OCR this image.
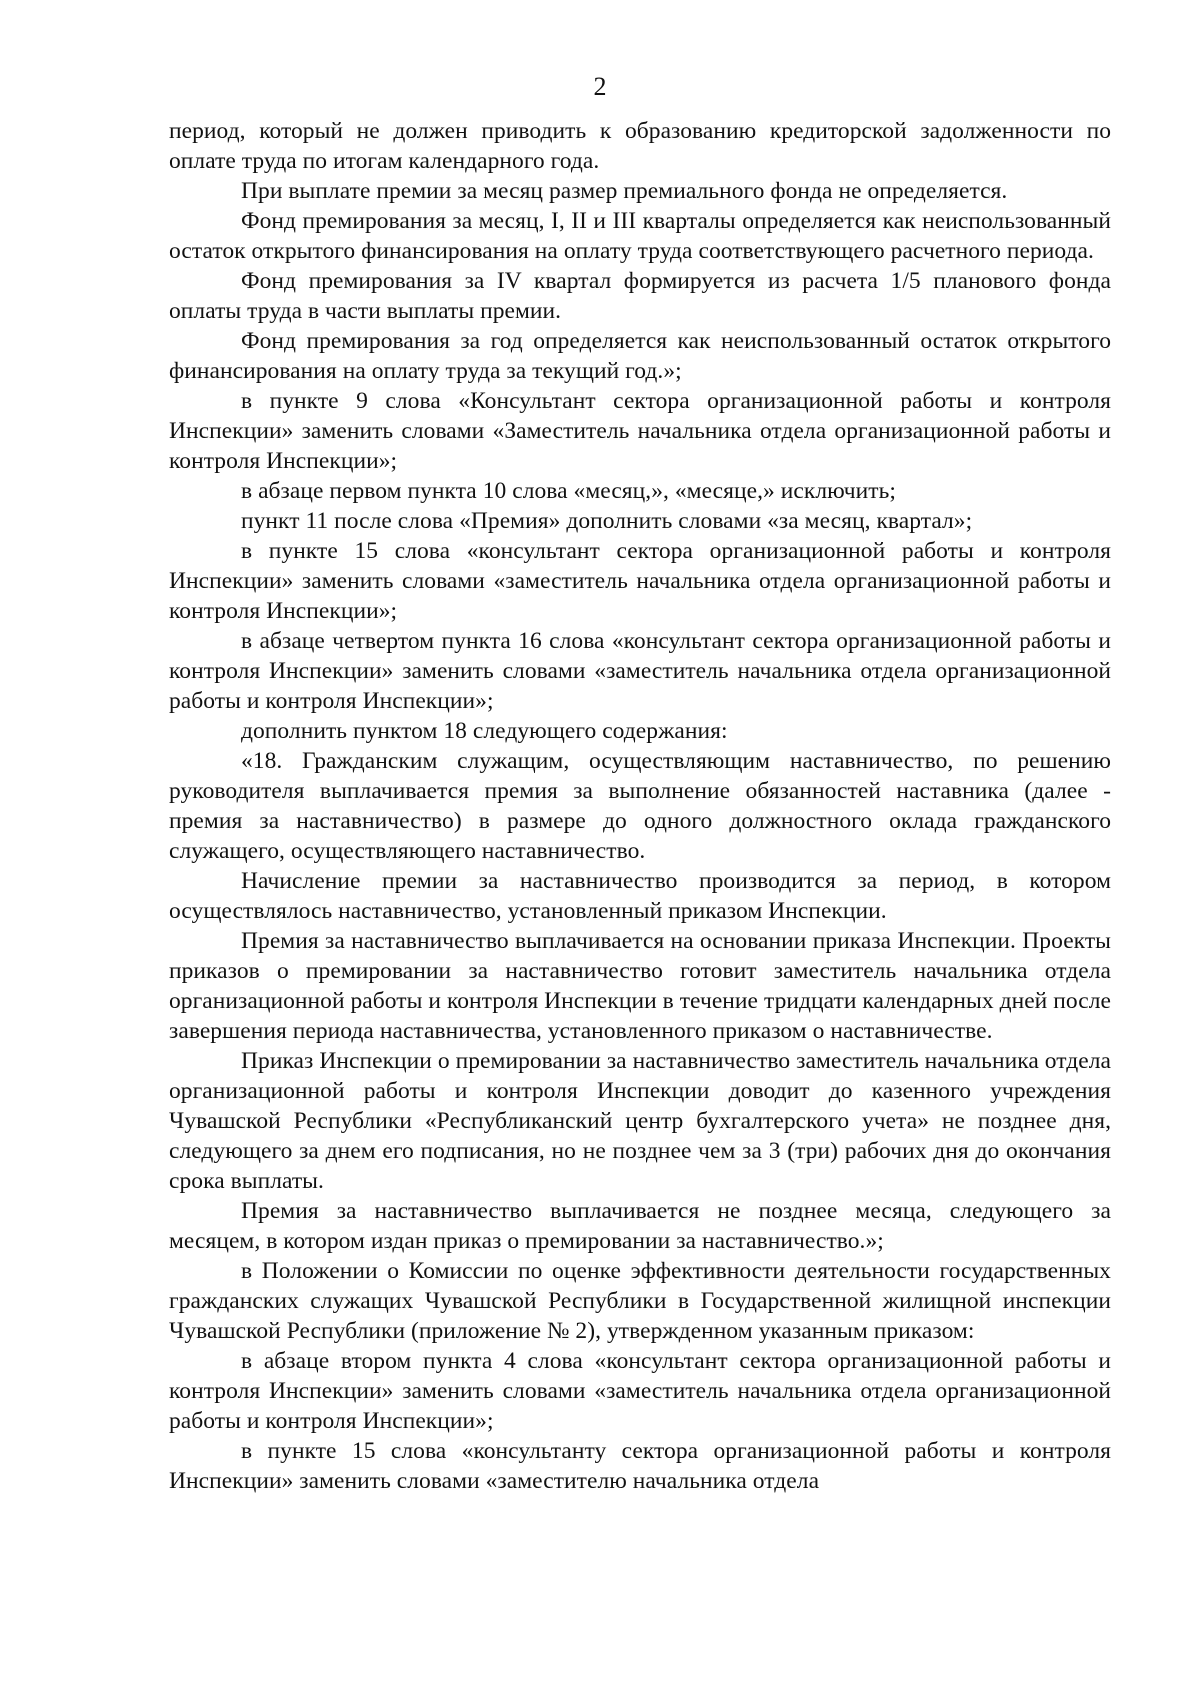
2

период, который не должен приводить к образованию кредиторской задолженности по оплате труда по итогам календарного года.

При выплате премии за месяц размер премиального фонда не определяется.

Фонд премирования за месяц, I, II и III кварталы определяется как неиспользованный остаток открытого финансирования на оплату труда соответствующего расчетного периода.

Фонд премирования за IV квартал формируется из расчета 1/5 планового фонда оплаты труда в части выплаты премии.

Фонд премирования за год определяется как неиспользованный остаток открытого финансирования на оплату труда за текущий год.»;

в пункте 9 слова «Консультант сектора организационной работы и контроля Инспекции» заменить словами «Заместитель начальника отдела организационной работы и контроля Инспекции»;

в абзаце первом пункта 10 слова «месяц,», «месяце,» исключить;

пункт 11 после слова «Премия» дополнить словами «за месяц, квартал»;

в пункте 15 слова «консультант сектора организационной работы и контроля Инспекции» заменить словами «заместитель начальника отдела организационной работы и контроля Инспекции»;

в абзаце четвертом пункта 16 слова «консультант сектора организационной работы и контроля Инспекции» заменить словами «заместитель начальника отдела организационной работы и контроля Инспекции»;

дополнить пунктом 18 следующего содержания:

«18. Гражданским служащим, осуществляющим наставничество, по решению руководителя выплачивается премия за выполнение обязанностей наставника (далее - премия за наставничество) в размере до одного должностного оклада гражданского служащего, осуществляющего наставничество.

Начисление премии за наставничество производится за период, в котором осуществлялось наставничество, установленный приказом Инспекции.

Премия за наставничество выплачивается на основании приказа Инспекции. Проекты приказов о премировании за наставничество готовит заместитель начальника отдела организационной работы и контроля Инспекции в течение тридцати календарных дней после завершения периода наставничества, установленного приказом о наставничестве.

Приказ Инспекции о премировании за наставничество заместитель начальника отдела организационной работы и контроля Инспекции доводит до казенного учреждения Чувашской Республики «Республиканский центр бухгалтерского учета» не позднее дня, следующего за днем его подписания, но не позднее чем за 3 (три) рабочих дня до окончания срока выплаты.

Премия за наставничество выплачивается не позднее месяца, следующего за месяцем, в котором издан приказ о премировании за наставничество.»;

в Положении о Комиссии по оценке эффективности деятельности государственных гражданских служащих Чувашской Республики в Государственной жилищной инспекции Чувашской Республики (приложение № 2), утвержденном указанным приказом:

в абзаце втором пункта 4 слова «консультант сектора организационной работы и контроля Инспекции» заменить словами «заместитель начальника отдела организационной работы и контроля Инспекции»;

в пункте 15 слова «консультанту сектора организационной работы и контроля Инспекции» заменить словами «заместителю начальника отдела
